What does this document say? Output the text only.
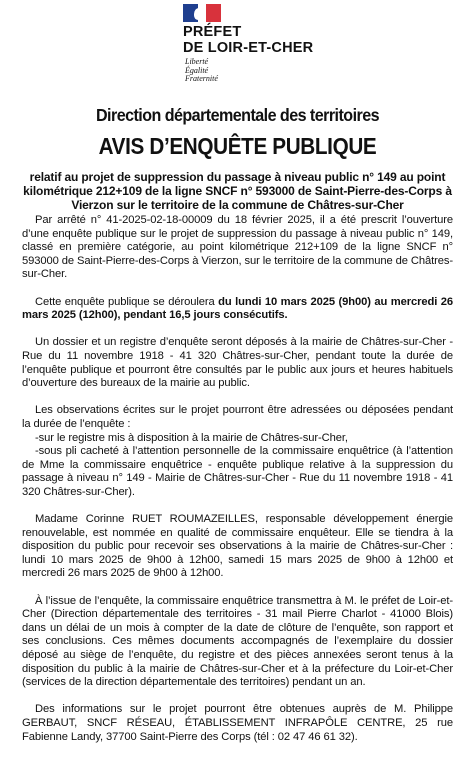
PRÉFET
DE LOIR-ET-CHER
Liberté
Égalité
Fraternité
Direction départementale des territoires
AVIS D’ENQUÊTE PUBLIQUE
relatif au projet de suppression du passage à niveau public n° 149 au point kilométrique 212+109 de la ligne SNCF n° 593000 de Saint-Pierre-des-Corps à Vierzon sur le territoire de la commune de Châtres-sur-Cher

Par arrêté n° 41-2025-02-18-00009 du 18 février 2025, il a été prescrit l’ouverture d’une enquête publique sur le projet de suppression du passage à niveau public n° 149, classé en première catégorie, au point kilométrique 212+109 de la ligne SNCF n° 593000 de Saint-Pierre-des-Corps à Vierzon, sur le territoire de la commune de Châtres-sur-Cher.

Cette enquête publique se déroulera du lundi 10 mars 2025 (9h00) au mercredi 26 mars 2025 (12h00), pendant 16,5 jours consécutifs.

Un dossier et un registre d’enquête seront déposés à la mairie de Châtres-sur-Cher - Rue du 11 novembre 1918 - 41 320 Châtres-sur-Cher, pendant toute la durée de l’enquête publique et pourront être consultés par le public aux jours et heures habituels d’ouverture des bureaux de la mairie au public.

Les observations écrites sur le projet pourront être adressées ou déposées pendant la durée de l’enquête :

-sur le registre mis à disposition à la mairie de Châtres-sur-Cher,

-sous pli cacheté à l’attention personnelle de la commissaire enquêtrice (à l’attention de Mme la commissaire enquêtrice - enquête publique relative à la suppression du passage à niveau n° 149 - Mairie de Châtres-sur-Cher - Rue du 11 novembre 1918 - 41 320 Châtres-sur-Cher).

Madame Corinne RUET ROUMAZEILLES, responsable développement énergie renouvelable, est nommée en qualité de commissaire enquêteur. Elle se tiendra à la disposition du public pour recevoir ses observations à la mairie de Châtres-sur-Cher : lundi 10 mars 2025 de 9h00 à 12h00, samedi 15 mars 2025 de 9h00 à 12h00 et mercredi 26 mars 2025 de 9h00 à 12h00.

À l’issue de l’enquête, la commissaire enquêtrice transmettra à M. le préfet de Loir-et-Cher (Direction départementale des territoires - 31 mail Pierre Charlot - 41000 Blois) dans un délai de un mois à compter de la date de clôture de l’enquête, son rapport et ses conclusions. Ces mêmes documents accompagnés de l’exemplaire du dossier déposé au siège de l’enquête, du registre et des pièces annexées seront tenus à la disposition du public à la mairie de Châtres-sur-Cher et à la préfecture du Loir-et-Cher (services de la direction départementale des territoires) pendant un an.

Des informations sur le projet pourront être obtenues auprès de M. Philippe GERBAUT, SNCF RÉSEAU, ÉTABLISSEMENT INFRAPÔLE CENTRE, 25 rue Fabienne Landy, 37700 Saint-Pierre des Corps (tél : 02 47 46 61 32).
